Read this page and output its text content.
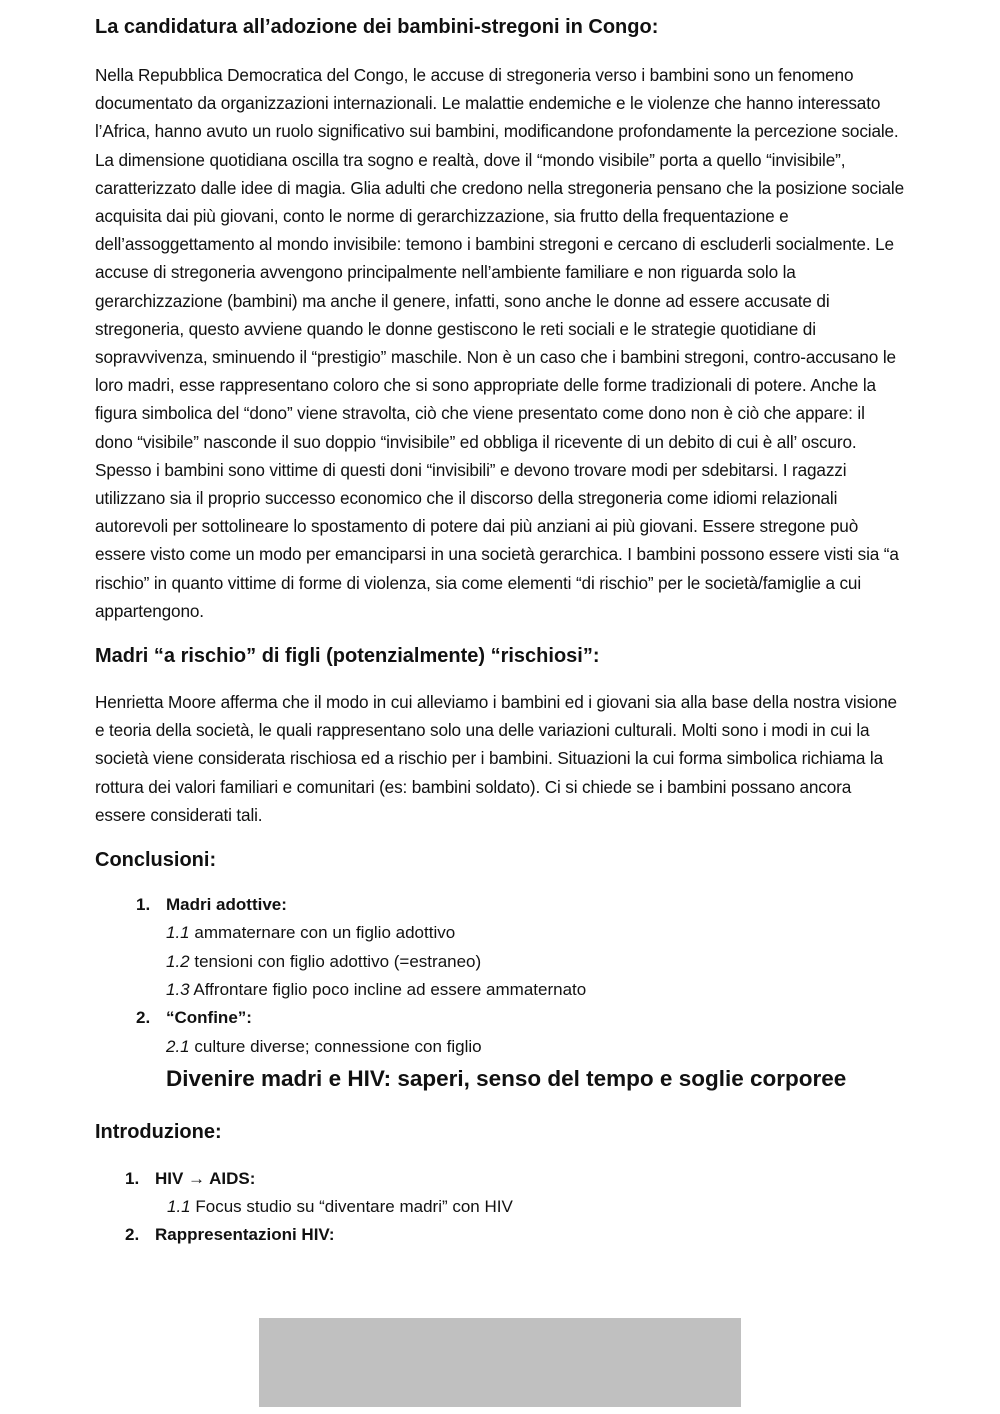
La candidatura all’adozione dei bambini-stregoni in Congo:

Nella Repubblica Democratica del Congo, le accuse di stregoneria verso i bambini sono un fenomeno documentato da organizzazioni internazionali. Le malattie endemiche e le violenze che hanno interessato l’Africa, hanno avuto un ruolo significativo sui bambini, modificandone profondamente la percezione sociale. La dimensione quotidiana oscilla tra sogno e realtà, dove il “mondo visibile” porta a quello “invisibile”, caratterizzato dalle idee di magia. Glia adulti che credono nella stregoneria pensano che la posizione sociale acquisita dai più giovani, conto le norme di gerarchizzazione, sia frutto della frequentazione e dell’assoggettamento al mondo invisibile: temono i bambini stregoni e cercano di escluderli socialmente. Le accuse di stregoneria avvengono principalmente nell’ambiente familiare e non riguarda solo la gerarchizzazione (bambini) ma anche il genere, infatti, sono anche le donne ad essere accusate di stregoneria, questo avviene quando le donne gestiscono le reti sociali e le strategie quotidiane di sopravvivenza, sminuendo il “prestigio” maschile. Non è un caso che i bambini stregoni, contro-accusano le loro madri, esse rappresentano coloro che si sono appropriate delle forme tradizionali di potere. Anche la figura simbolica del “dono” viene stravolta, ciò che viene presentato come dono non è ciò che appare: il dono “visibile” nasconde il suo doppio “invisibile” ed obbliga il ricevente di un debito di cui è all’ oscuro. Spesso i bambini sono vittime di questi doni “invisibili” e devono trovare modi per sdebitarsi. I ragazzi utilizzano sia il proprio successo economico che il discorso della stregoneria come idiomi relazionali autorevoli per sottolineare lo spostamento di potere dai più anziani ai più giovani. Essere stregone può essere visto come un modo per emanciparsi in una società gerarchica. I bambini possono essere visti sia “a rischio” in quanto vittime di forme di violenza, sia come elementi “di rischio” per le società/famiglie a cui appartengono.

Madri “a rischio” di figli (potenzialmente) “rischiosi”:

Henrietta Moore afferma che il modo in cui alleviamo i bambini ed i giovani sia alla base della nostra visione e teoria della società, le quali rappresentano solo una delle variazioni culturali. Molti sono i modi in cui la società viene considerata rischiosa ed a rischio per i bambini. Situazioni la cui forma simbolica richiama la rottura dei valori familiari e comunitari (es: bambini soldato). Ci si chiede se i bambini possano ancora essere considerati tali.

Conclusioni:
1. Madri adottive:
1.1 ammaternare con un figlio adottivo
1.2 tensioni con figlio adottivo (=estraneo)
1.3 Affrontare figlio poco incline ad essere ammaternato
2. “Confine”:
2.1 culture diverse; connessione con figlio
Divenire madri e HIV: saperi, senso del tempo e soglie corporee
Introduzione:
1. HIV → AIDS:
1.1 Focus studio su “diventare madri” con HIV
2. Rappresentazioni HIV:
